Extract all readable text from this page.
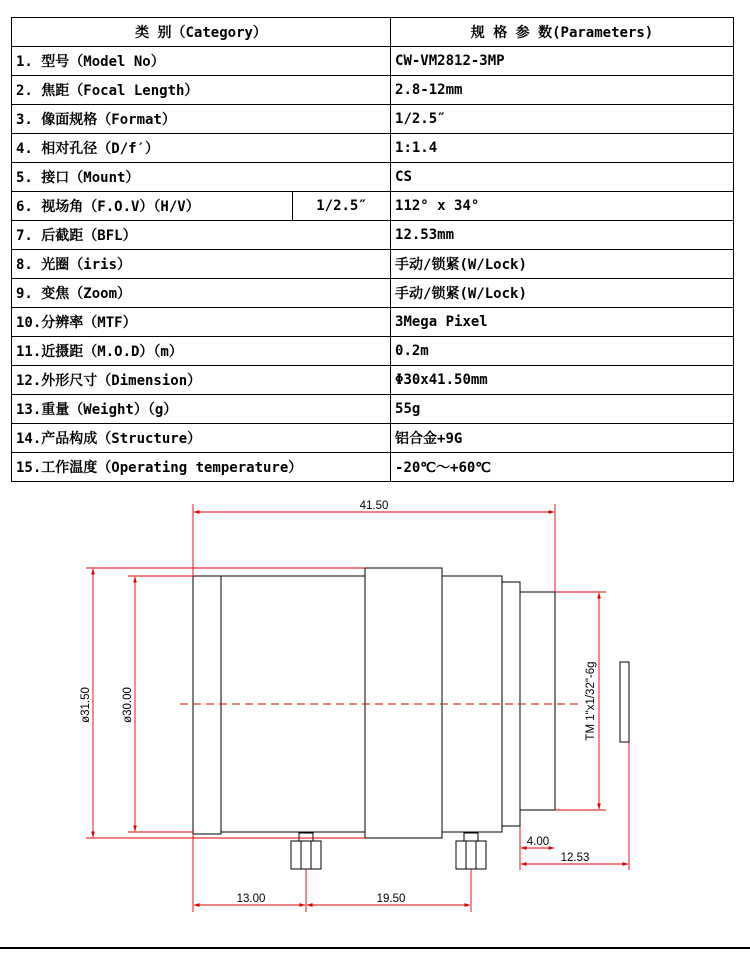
类 别（Category）		规 格 参 数(Parameters)
1. 型号（Model No）		CW-VM2812-3MP
2. 焦距（Focal Length）		2.8-12mm
3. 像面规格（Format）		1/2.5″
4. 相对孔径（D/f′）		1:1.4
5. 接口（Mount）		CS
6. 视场角（F.O.V）（H/V）	1/2.5″	112° x 34°
7. 后截距（BFL）		12.53mm
8. 光圈（iris）		手动/锁紧(W/Lock)
9. 变焦（Zoom）		手动/锁紧(W/Lock)
10.分辨率（MTF）		3Mega Pixel
11.近摄距（M.O.D）（m）		0.2m
12.外形尺寸（Dimension）		Φ30x41.50mm
13.重量（Weight）（g）		55g
14.产品构成（Structure）		铝合金+9G
15.工作温度（Operating temperature）		-20℃～+60℃
41.50
ø31.50	ø30.00	TM 1"x1/32"-6g
4.00
12.53
13.00	19.50
